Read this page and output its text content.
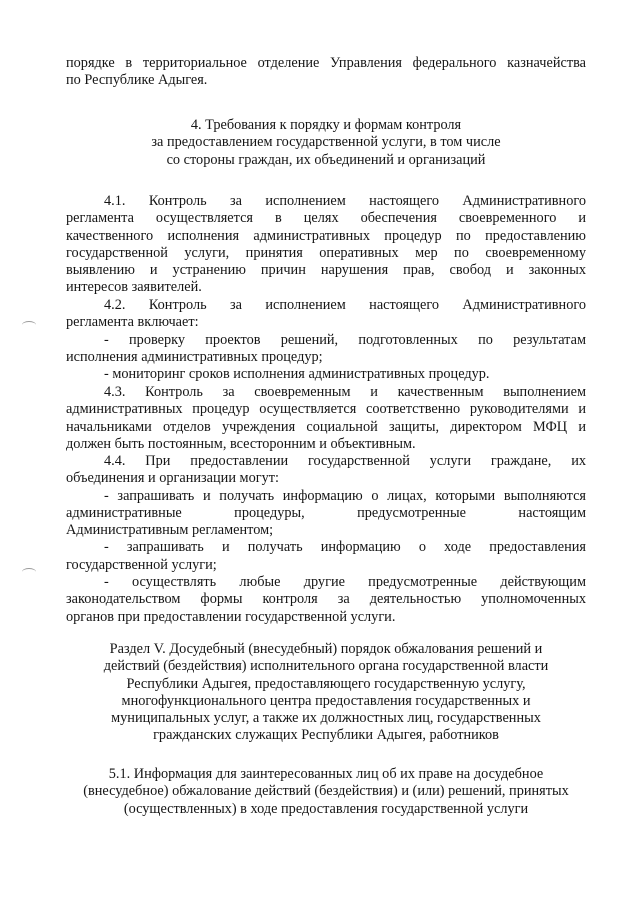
порядке в территориальное отделение Управления федерального казначейства
по Республике Адыгея.
4. Требования к порядку и формам контроля
за предоставлением государственной услуги, в том числе
со стороны граждан, их объединений и организаций
4.1. Контроль за исполнением настоящего Административного
регламента осуществляется в целях обеспечения своевременного и
качественного исполнения административных процедур по предоставлению
государственной услуги, принятия оперативных мер по своевременному
выявлению и устранению причин нарушения прав, свобод и законных
интересов заявителей.
4.2. Контроль за исполнением настоящего Административного
регламента включает:
- проверку проектов решений, подготовленных по результатам
исполнения административных процедур;
- мониторинг сроков исполнения административных процедур.
4.3. Контроль за своевременным и качественным выполнением
административных процедур осуществляется соответственно руководителями и
начальниками отделов учреждения социальной защиты, директором МФЦ и
должен быть постоянным, всесторонним и объективным.
4.4. При предоставлении государственной услуги граждане, их
объединения и организации могут:
- запрашивать и получать информацию о лицах, которыми выполняются
административные процедуры, предусмотренные настоящим
Административным регламентом;
- запрашивать и получать информацию о ходе предоставления
государственной услуги;
- осуществлять любые другие предусмотренные действующим
законодательством формы контроля за деятельностью уполномоченных
органов при предоставлении государственной услуги.
Раздел V. Досудебный (внесудебный) порядок обжалования решений и
действий (бездействия) исполнительного органа государственной власти
Республики Адыгея, предоставляющего государственную услугу,
многофункционального центра предоставления государственных и
муниципальных услуг, а также их должностных лиц, государственных
гражданских служащих Республики Адыгея, работников
5.1. Информация для заинтересованных лиц об их праве на досудебное
(внесудебное) обжалование действий (бездействия) и (или) решений, принятых
(осуществленных) в ходе предоставления государственной услуги
